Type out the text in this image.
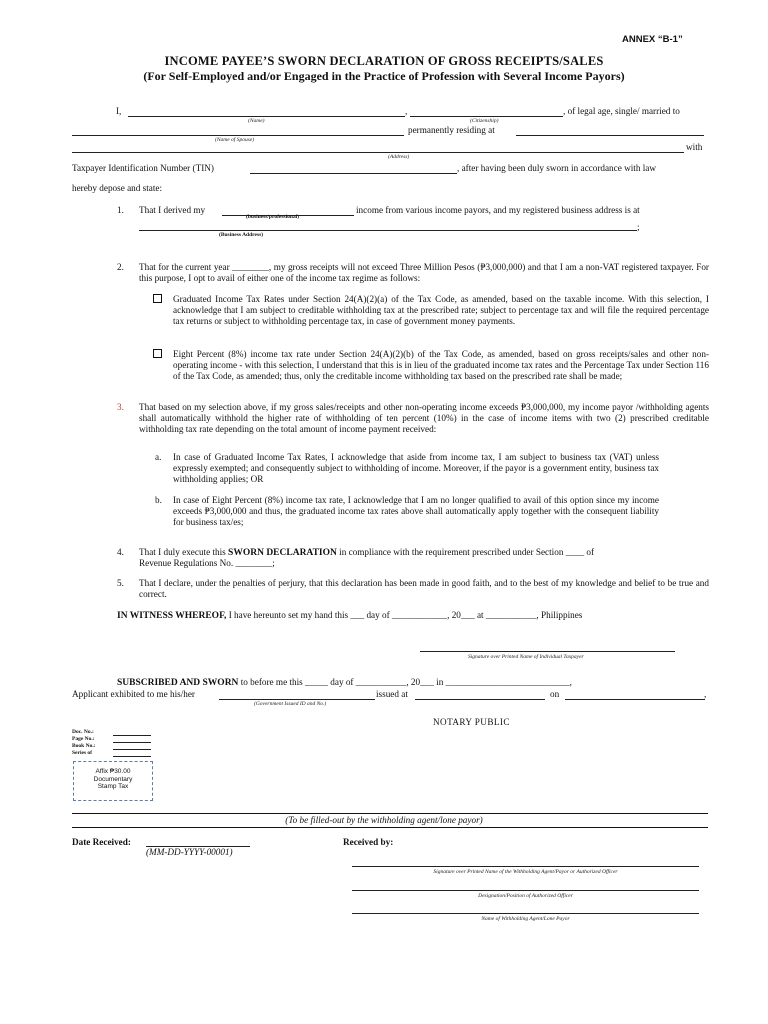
ANNEX “B-1”
INCOME PAYEE’S SWORN DECLARATION OF GROSS RECEIPTS/SALES
(For Self-Employed and/or Engaged in the Practice of Profession with Several Income Payors)
I,	,	, of legal age, single/ married to
(Name)	(Citizenship)
permanently residing at
(Name of Spouse)
with
(Address)
Taxpayer Identification Number (TIN)	, after having been duly sworn in accordance with law
hereby depose and state:
1. That I derived my	income from various income payors, and my registered business address is at
(business/professional)
;
(Business Address)
2. That for the current year ________, my gross receipts will not exceed Three Million Pesos (₱3,000,000) and that I am a non-VAT registered taxpayer. For this purpose, I opt to avail of either one of the income tax regime as follows:
Graduated Income Tax Rates under Section 24(A)(2)(a) of the Tax Code, as amended, based on the taxable income. With this selection, I acknowledge that I am subject to creditable withholding tax at the prescribed rate; subject to percentage tax and will file the required percentage tax returns or subject to withholding percentage tax, in case of government money payments.
Eight Percent (8%) income tax rate under Section 24(A)(2)(b) of the Tax Code, as amended, based on gross receipts/sales and other non-operating income - with this selection, I understand that this is in lieu of the graduated income tax rates and the Percentage Tax under Section 116 of the Tax Code, as amended; thus, only the creditable income withholding tax based on the prescribed rate shall be made;
3. That based on my selection above, if my gross sales/receipts and other non-operating income exceeds ₱3,000,000, my income payor /withholding agents shall automatically withhold the higher rate of withholding of ten percent (10%) in the case of income items with two (2) prescribed creditable withholding tax rate depending on the total amount of income payment received:
a. In case of Graduated Income Tax Rates, I acknowledge that aside from income tax, I am subject to business tax (VAT) unless expressly exempted; and consequently subject to withholding of income. Moreover, if the payor is a government entity, business tax withholding applies; OR
b. In case of Eight Percent (8%) income tax rate, I acknowledge that I am no longer qualified to avail of this option since my income exceeds ₱3,000,000 and thus, the graduated income tax rates above shall automatically apply together with the consequent liability for business tax/es;
4. That I duly execute this SWORN DECLARATION in compliance with the requirement prescribed under Section ____ of
Revenue Regulations No. ________;
5. That I declare, under the penalties of perjury, that this declaration has been made in good faith, and to the best of my knowledge and belief to be true and correct.
IN WITNESS WHEREOF, I have hereunto set my hand this ___ day of ____________, 20___ at ___________, Philippines
Signature over Printed Name of Individual Taxpayer
SUBSCRIBED AND SWORN to before me this _____ day of ___________, 20___ in ___________________________,
Applicant exhibited to me his/her	issued at	on	,
(Government Issued ID and No.)
NOTARY PUBLIC
Doc. No.:
Page No.:
Book No.:
Series of
Affix ₱30.00
Documentary
Stamp Tax
(To be filled-out by the withholding agent/lone payor)
Date Received:
(MM-DD-YYYY-00001)
Received by:
Signature over Printed Name of the Withholding Agent/Payor or Authorized Officer
Designation/Position of Authorized Officer
Name of Withholding Agent/Lone Payor
